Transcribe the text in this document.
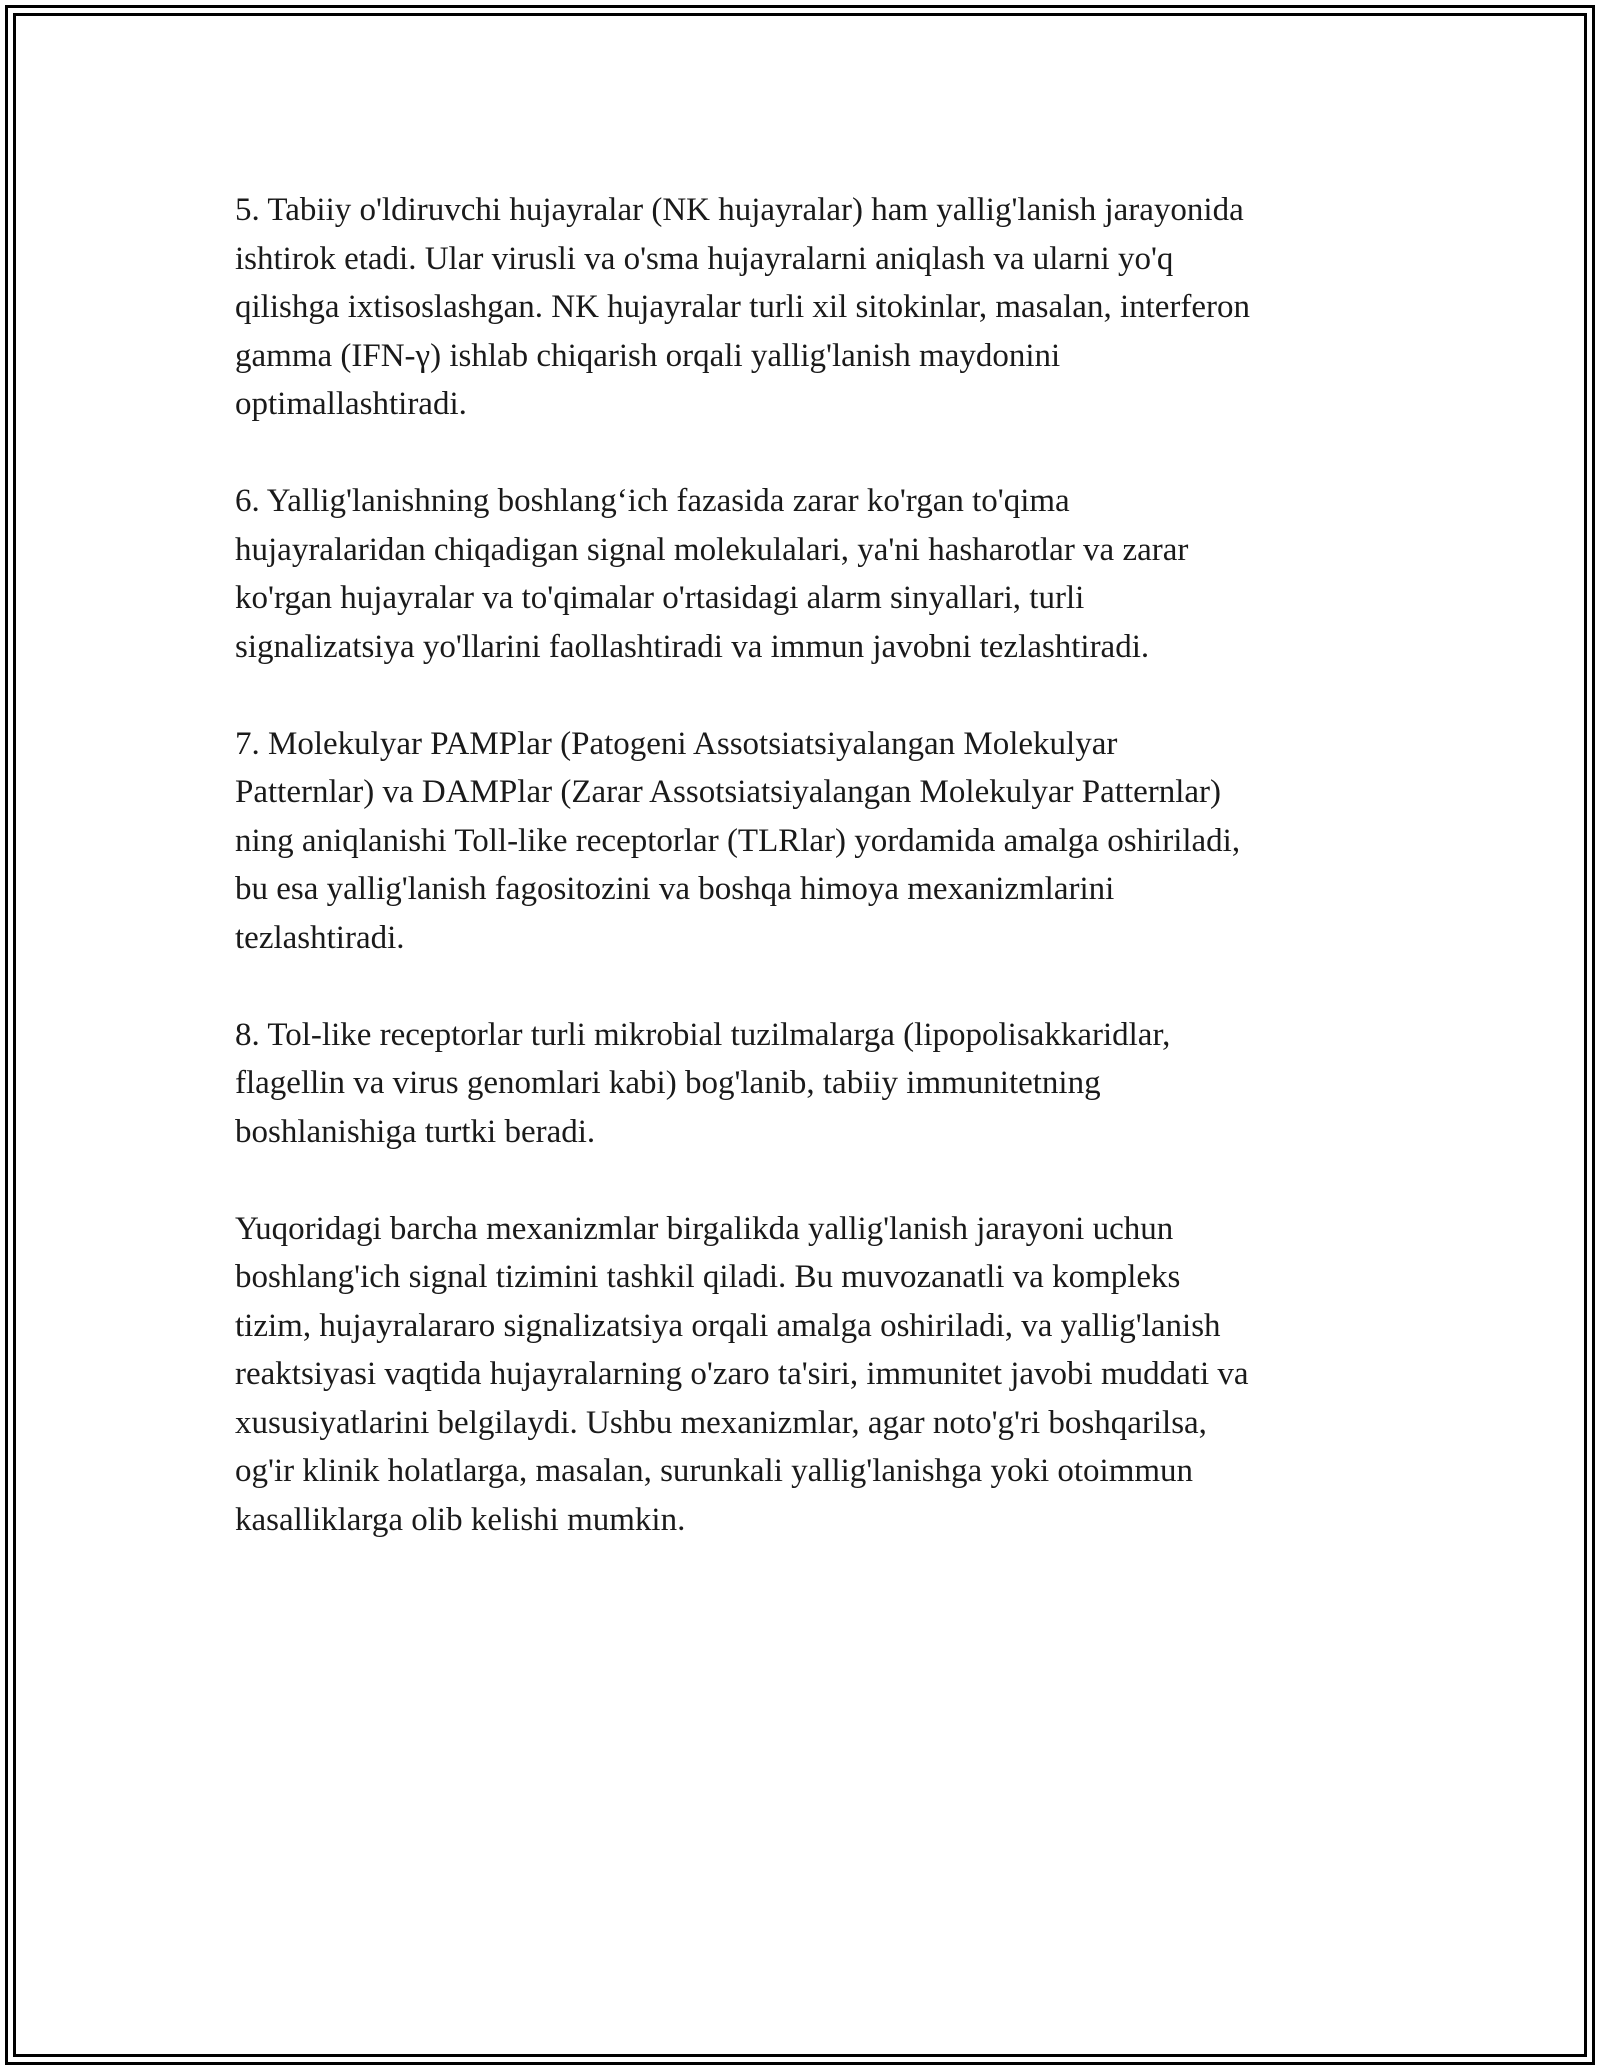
5. Tabiiy o'ldiruvchi hujayralar (NK hujayralar) ham yallig'lanish jarayonida
ishtirok etadi. Ular virusli va o'sma hujayralarni aniqlash va ularni yo'q
qilishga ixtisoslashgan. NK hujayralar turli xil sitokinlar, masalan, interferon
gamma (IFN-γ) ishlab chiqarish orqali yallig'lanish maydonini
optimallashtiradi.

6. Yallig'lanishning boshlang‘ich fazasida zarar ko'rgan to'qima
hujayralaridan chiqadigan signal molekulalari, ya'ni hasharotlar va zarar
ko'rgan hujayralar va to'qimalar o'rtasidagi alarm sinyallari, turli
signalizatsiya yo'llarini faollashtiradi va immun javobni tezlashtiradi.

7. Molekulyar PAMPlar (Patogeni Assotsiatsiyalangan Molekulyar
Patternlar) va DAMPlar (Zarar Assotsiatsiyalangan Molekulyar Patternlar)
ning aniqlanishi Toll-like receptorlar (TLRlar) yordamida amalga oshiriladi,
bu esa yallig'lanish fagositozini va boshqa himoya mexanizmlarini
tezlashtiradi.

8. Tol-like receptorlar turli mikrobial tuzilmalarga (lipopolisakkaridlar,
flagellin va virus genomlari kabi) bog'lanib, tabiiy immunitetning
boshlanishiga turtki beradi.

Yuqoridagi barcha mexanizmlar birgalikda yallig'lanish jarayoni uchun
boshlang'ich signal tizimini tashkil qiladi. Bu muvozanatli va kompleks
tizim, hujayralararo signalizatsiya orqali amalga oshiriladi, va yallig'lanish
reaktsiyasi vaqtida hujayralarning o'zaro ta'siri, immunitet javobi muddati va
xususiyatlarini belgilaydi. Ushbu mexanizmlar, agar noto'g'ri boshqarilsa,
og'ir klinik holatlarga, masalan, surunkali yallig'lanishga yoki otoimmun
kasalliklarga olib kelishi mumkin.
